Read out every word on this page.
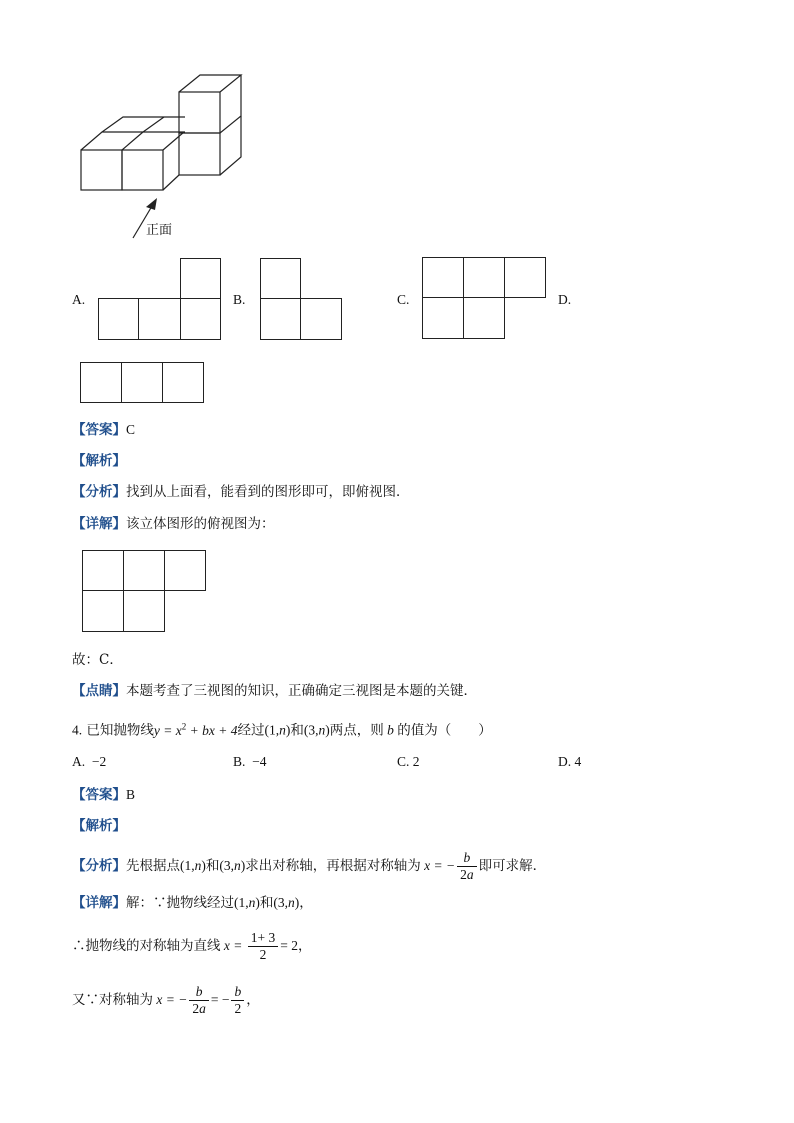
正面
A.	B.	C.	D.
【答案】C
【解析】
【分析】找到从上面看，能看到的图形即可，即俯视图．
【详解】该立体图形的俯视图为：
故：C．
【点睛】本题考查了三视图的知识，正确确定三视图是本题的关键．
4. 已知抛物线$y = x^2$ + bx + 4经过(1,n)和(3,n)两点，则 b 的值为（　　）
A. −2	B. −4	C. 2	D. 4
【答案】B
【解析】
【分析】先根据点(1,n)和(3,n)求出对称轴，再根据对称轴为 x = − $\frac{b}{2a}$ 即可求解．
【详解】解：∵抛物线经过(1,n)和(3,n)，
∴抛物线的对称轴为直线 $x = \frac{1+ 3}{2} = 2$，
又∵对称轴为 x = − $\frac{b}{2a}$ = − $\frac{b}{2}$ ，
